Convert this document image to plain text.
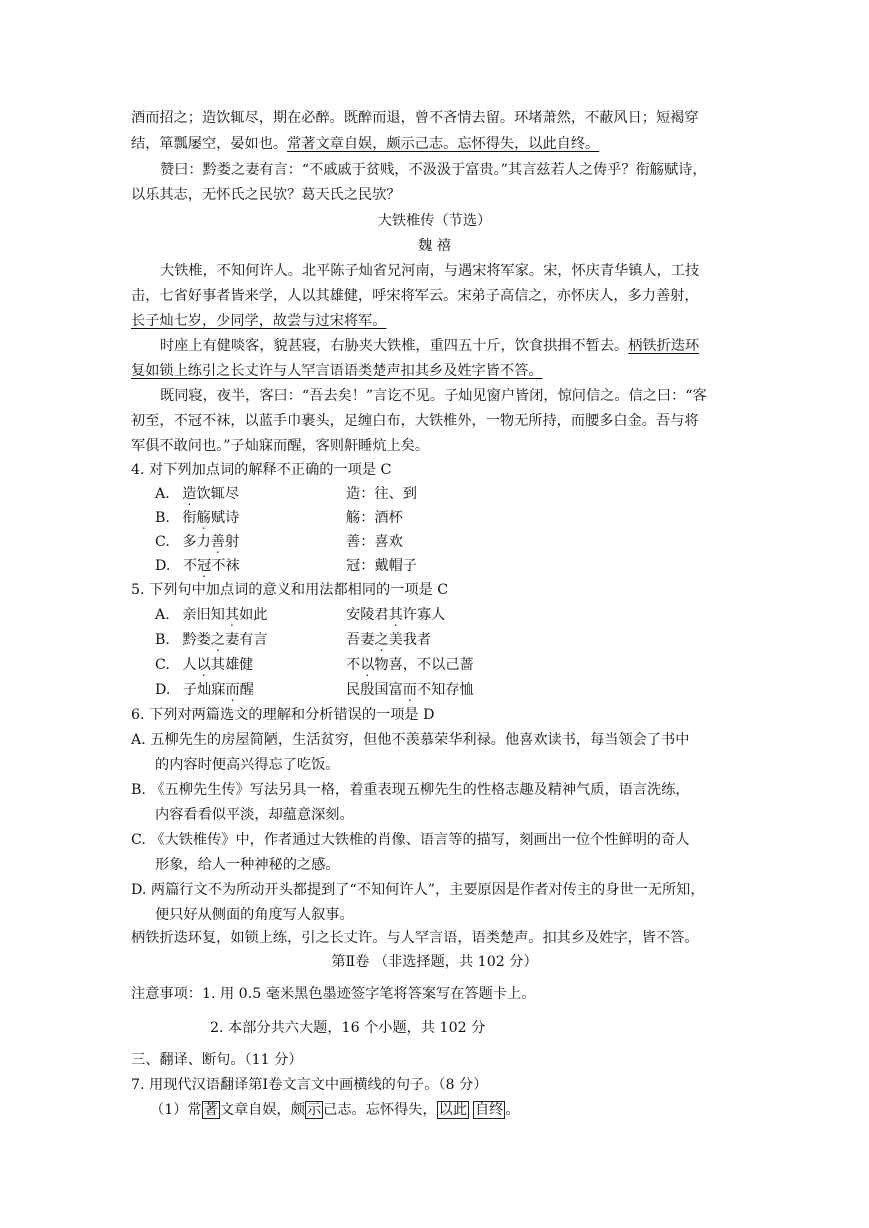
酒而招之；造饮辄尽，期在必醉。既醉而退，曾不吝情去留。环堵萧然，不蔽风日；短褐穿
结，箪瓢屡空，晏如也。常著文章自娱，颇示己志。忘怀得失，以此自终。
赞曰：黔娄之妻有言：“不戚戚于贫贱，不汲汲于富贵。”其言兹若人之俦乎？衔觞赋诗，
以乐其志，无怀氏之民欤？葛天氏之民欤？
大铁椎传（节选）
魏 禧
大铁椎，不知何许人。北平陈子灿省兄河南，与遇宋将军家。宋，怀庆青华镇人，工技
击，七省好事者皆来学，人以其雄健，呼宋将军云。宋弟子高信之，亦怀庆人，多力善射，
长子灿七岁，少同学，故尝与过宋将军。
时座上有健啖客，貌甚寝，右胁夹大铁椎，重四五十斤，饮食拱揖不暂去。柄铁折迭环
复如锁上练引之长丈许与人罕言语语类楚声扣其乡及姓字皆不答。
既同寝，夜半，客曰：“吾去矣！”言讫不见。子灿见窗户皆闭，惊问信之。信之曰：“客
初至，不冠不袜，以蓝手巾裹头，足缠白布，大铁椎外，一物无所持，而腰多白金。吾与将
军俱不敢问也。”子灿寐而醒，客则鼾睡炕上矣。
4. 对下列加点词的解释不正确的一项是 C
A. 造饮辄尽	造：往、到
B. 衔觞赋诗	觞：酒杯
C. 多力善射	善：喜欢
D. 不冠不袜	冠：戴帽子
5. 下列句中加点词的意义和用法都相同的一项是 C
A. 亲旧知其如此	安陵君其许寡人
B. 黔娄之妻有言	吾妻之美我者
C. 人以其雄健	不以物喜，不以己蔷
D. 子灿寐而醒	民殷国富而不知存恤
6. 下列对两篇选文的理解和分析错误的一项是 D
A. 五柳先生的房屋简陋，生活贫穷，但他不羡慕荣华利禄。他喜欢读书，每当领会了书中
的内容时便高兴得忘了吃饭。
B. 《五柳先生传》写法另具一格，着重表现五柳先生的性格志趣及精神气质，语言洗练，
内容看看似平淡，却蕴意深刻。
C. 《大铁椎传》中，作者通过大铁椎的肖像、语言等的描写，刻画出一位个性鲜明的奇人
形象，给人一种神秘的之感。
D. 两篇行文不为所动开头都提到了“不知何许人”，主要原因是作者对传主的身世一无所知，
便只好从侧面的角度写人叙事。
柄铁折迭环复，如锁上练，引之长丈许。与人罕言语，语类楚声。扣其乡及姓字，皆不答。
第Ⅱ卷 （非选择题，共 102 分）
注意事项：1. 用 0.5 毫米黑色墨迹签字笔将答案写在答题卡上。
2. 本部分共六大题，16 个小题，共 102 分
三、翻译、断句。（11 分）
7. 用现代汉语翻译第Ⅰ卷文言文中画横线的句子。（8 分）
（1）常 著 文章自娱，颇 示 己志。忘怀得失， 以此 自终 。
